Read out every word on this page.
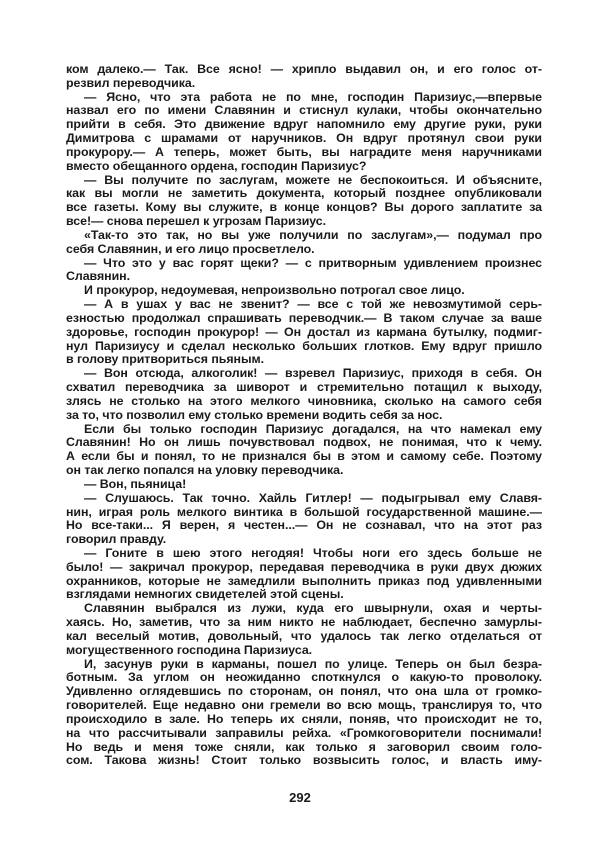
ком далеко.— Так. Все ясно! — хрипло выдавил он, и его голос от-
резвил переводчика.
— Ясно, что эта работа не по мне, господин Паризиус,—впервые
назвал его по имени Славянин и стиснул кулаки, чтобы окончательно
прийти в себя. Это движение вдруг напомнило ему другие руки, руки
Димитрова с шрамами от наручников. Он вдруг протянул свои руки
прокурору.— А теперь, может быть, вы наградите меня наручниками
вместо обещанного ордена, господин Паризиус?
— Вы получите по заслугам, можете не беспокоиться. И объясните,
как вы могли не заметить документа, который позднее опубликовали
все газеты. Кому вы служите, в конце концов? Вы дорого заплатите за
все!— снова перешел к угрозам Паризиус.
«Так-то это так, но вы уже получили по заслугам»,— подумал про
себя Славянин, и его лицо просветлело.
— Что это у вас горят щеки? — с притворным удивлением произнес
Славянин.
И прокурор, недоумевая, непроизвольно потрогал свое лицо.
— А в ушах у вас не звенит? — все с той же невозмутимой серь-
езностью продолжал спрашивать переводчик.— В таком случае за ваше
здоровье, господин прокурор! — Он достал из кармана бутылку, подмиг-
нул Паризиусу и сделал несколько больших глотков. Ему вдруг пришло
в голову притвориться пьяным.
— Вон отсюда, алкоголик! — взревел Паризиус, приходя в себя. Он
схватил переводчика за шиворот и стремительно потащил к выходу,
злясь не столько на этого мелкого чиновника, сколько на самого себя
за то, что позволил ему столько времени водить себя за нос.
Если бы только господин Паризиус догадался, на что намекал ему
Славянин! Но он лишь почувствовал подвох, не понимая, что к чему.
А если бы и понял, то не признался бы в этом и самому себе. Поэтому
он так легко попался на уловку переводчика.
— Вон, пьяница!
— Слушаюсь. Так точно. Хайль Гитлер! — подыгрывал ему Славя-
нин, играя роль мелкого винтика в большой государственной машине.—
Но все-таки... Я верен, я честен...— Он не сознавал, что на этот раз
говорил правду.
— Гоните в шею этого негодяя! Чтобы ноги его здесь больше не
было! — закричал прокурор, передавая переводчика в руки двух дюжих
охранников, которые не замедлили выполнить приказ под удивленными
взглядами немногих свидетелей этой сцены.
Славянин выбрался из лужи, куда его швырнули, охая и черты-
хаясь. Но, заметив, что за ним никто не наблюдает, беспечно замурлы-
кал веселый мотив, довольный, что удалось так легко отделаться от
могущественного господина Паризиуса.
И, засунув руки в карманы, пошел по улице. Теперь он был безра-
ботным. За углом он неожиданно споткнулся о какую-то проволоку.
Удивленно оглядевшись по сторонам, он понял, что она шла от громко-
говорителей. Еще недавно они гремели во всю мощь, транслируя то, что
происходило в зале. Но теперь их сняли, поняв, что происходит не то,
на что рассчитывали заправилы рейха. «Громкоговорители поснимали!
Но ведь и меня тоже сняли, как только я заговорил своим голо-
сом. Такова жизнь! Стоит только возвысить голос, и власть иму-
292
